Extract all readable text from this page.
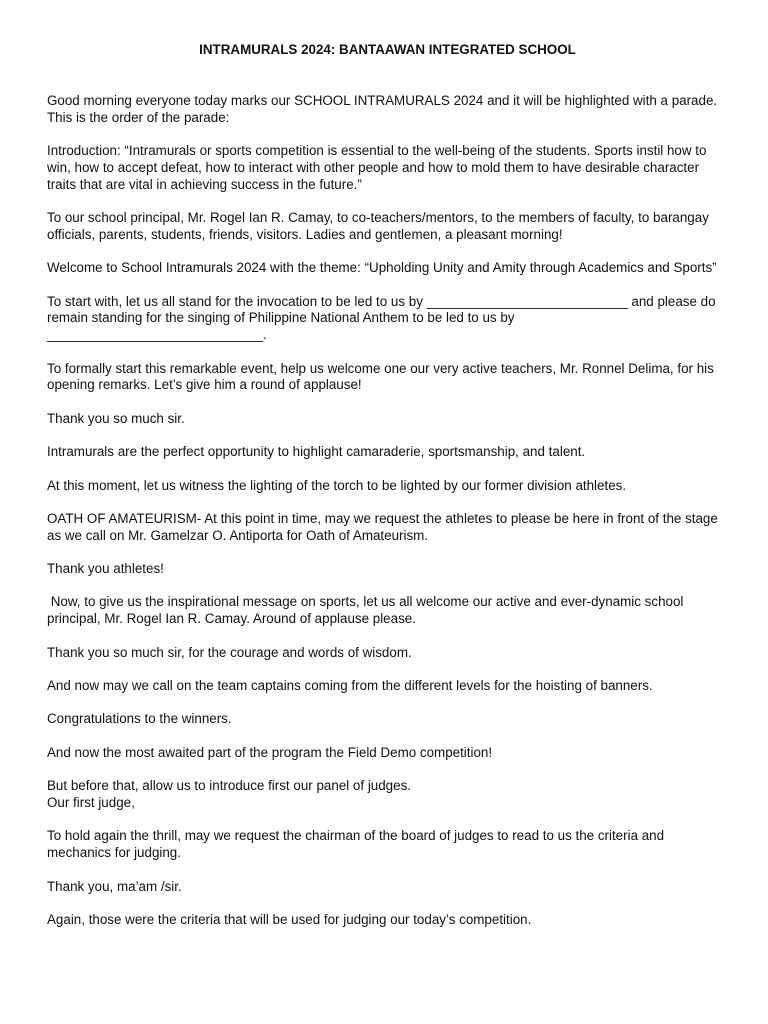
INTRAMURALS 2024: BANTAAWAN INTEGRATED SCHOOL

Good morning everyone today marks our SCHOOL INTRAMURALS 2024 and it will be highlighted with a parade. This is the order of the parade:

Introduction: “Intramurals or sports competition is essential to the well-being of the students. Sports instil how to win, how to accept defeat, how to interact with other people and how to mold them to have desirable character traits that are vital in achieving success in the future.”

To our school principal, Mr. Rogel Ian R. Camay, to co-teachers/mentors, to the members of faculty, to barangay officials, parents, students, friends, visitors. Ladies and gentlemen, a pleasant morning!

Welcome to School Intramurals 2024 with the theme: “Upholding Unity and Amity through Academics and Sports”

To start with, let us all stand for the invocation to be led to us by ___________________________ and please do remain standing for the singing of Philippine National Anthem to be led to us by _____________________________.

To formally start this remarkable event, help us welcome one our very active teachers, Mr. Ronnel Delima, for his opening remarks. Let’s give him a round of applause!

Thank you so much sir.

Intramurals are the perfect opportunity to highlight camaraderie, sportsmanship, and talent.

At this moment, let us witness the lighting of the torch to be lighted by our former division athletes.

OATH OF AMATEURISM- At this point in time, may we request the athletes to please be here in front of the stage as we call on Mr. Gamelzar O. Antiporta for Oath of Amateurism.

Thank you athletes!

Now, to give us the inspirational message on sports, let us all welcome our active and ever-dynamic school principal, Mr. Rogel Ian R. Camay. Around of applause please.

Thank you so much sir, for the courage and words of wisdom.

And now may we call on the team captains coming from the different levels for the hoisting of banners.

Congratulations to the winners.

And now the most awaited part of the program the Field Demo competition!

But before that, allow us to introduce first our panel of judges.

Our first judge,

To hold again the thrill, may we request the chairman of the board of judges to read to us the criteria and mechanics for judging.

Thank you, ma’am /sir.

Again, those were the criteria that will be used for judging our today’s competition.
